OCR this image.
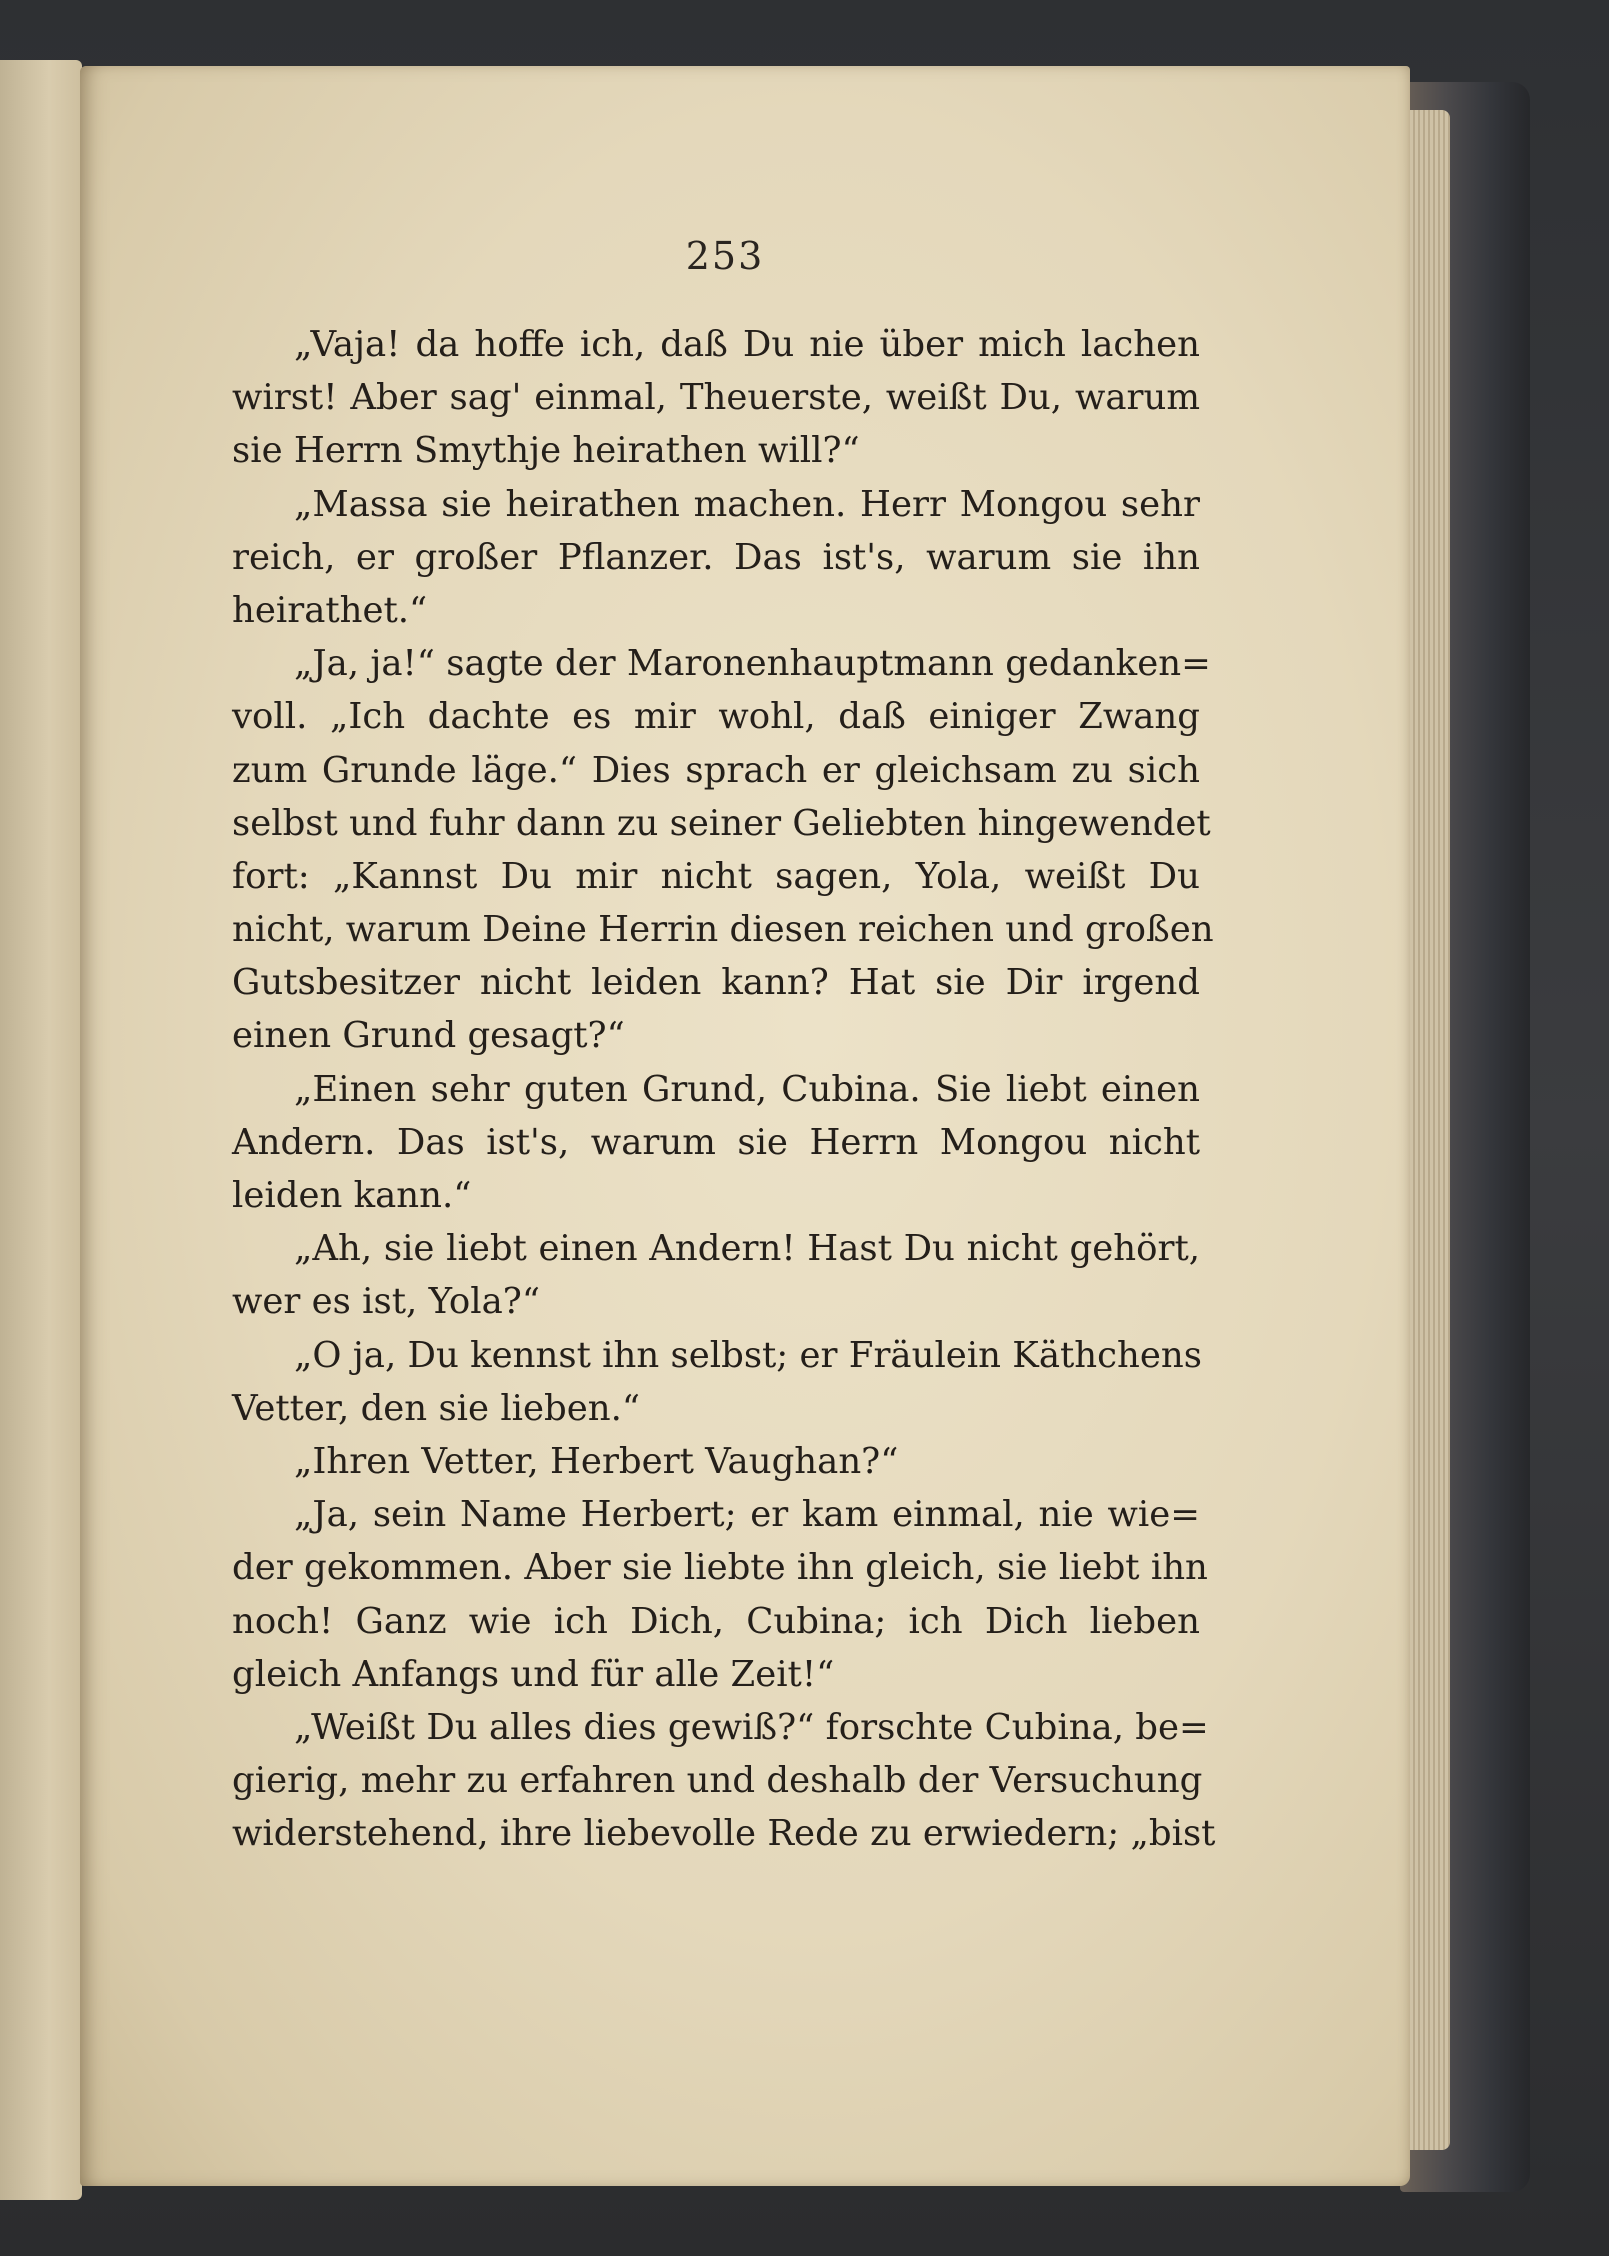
253
„Vaja! da hoffe ich, daß Du nie über mich lachen
wirst! Aber sag' einmal, Theuerste, weißt Du, warum
sie Herrn Smythje heirathen will?“
„Massa sie heirathen machen. Herr Mongou sehr
reich, er großer Pflanzer. Das ist's, warum sie ihn
heirathet.“
„Ja, ja!“ sagte der Maronenhauptmann gedanken=
voll. „Ich dachte es mir wohl, daß einiger Zwang
zum Grunde läge.“ Dies sprach er gleichsam zu sich
selbst und fuhr dann zu seiner Geliebten hingewendet
fort: „Kannst Du mir nicht sagen, Yola, weißt Du
nicht, warum Deine Herrin diesen reichen und großen
Gutsbesitzer nicht leiden kann? Hat sie Dir irgend
einen Grund gesagt?“
„Einen sehr guten Grund, Cubina. Sie liebt einen
Andern. Das ist's, warum sie Herrn Mongou nicht
leiden kann.“
„Ah, sie liebt einen Andern! Hast Du nicht gehört,
wer es ist, Yola?“
„O ja, Du kennst ihn selbst; er Fräulein Käthchens
Vetter, den sie lieben.“
„Ihren Vetter, Herbert Vaughan?“
„Ja, sein Name Herbert; er kam einmal, nie wie=
der gekommen. Aber sie liebte ihn gleich, sie liebt ihn
noch! Ganz wie ich Dich, Cubina; ich Dich lieben
gleich Anfangs und für alle Zeit!“
„Weißt Du alles dies gewiß?“ forschte Cubina, be=
gierig, mehr zu erfahren und deshalb der Versuchung
widerstehend, ihre liebevolle Rede zu erwiedern; „bist
